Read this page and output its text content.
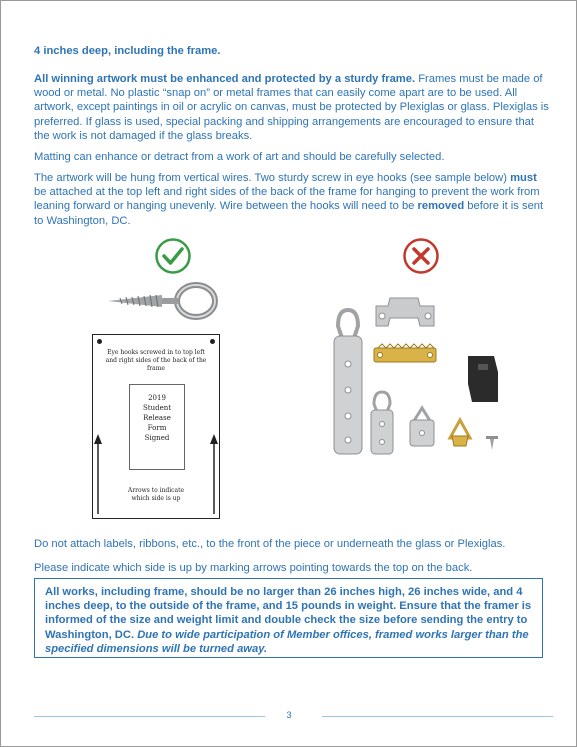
4 inches deep, including the frame.

All winning artwork must be enhanced and protected by a sturdy frame. Frames must be made of wood or metal. No plastic “snap on” or metal frames that can easily come apart are to be used. All artwork, except paintings in oil or acrylic on canvas, must be protected by Plexiglas or glass. Plexiglas is preferred. If glass is used, special packing and shipping arrangements are encouraged to ensure that the work is not damaged if the glass breaks.

Matting can enhance or detract from a work of art and should be carefully selected.

The artwork will be hung from vertical wires. Two sturdy screw in eye hooks (see sample below) must be attached at the top left and right sides of the back of the frame for hanging to prevent the work from leaning forward or hanging unevenly. Wire between the hooks will need to be removed before it is sent to Washington, DC.

Eye hooks screwed in to top left and right sides of the back of the frame
2019
Student
Release
Form
Signed
Arrows to indicate which side is up

Do not attach labels, ribbons, etc., to the front of the piece or underneath the glass or Plexiglas.

Please indicate which side is up by marking arrows pointing towards the top on the back.

All works, including frame, should be no larger than 26 inches high, 26 inches wide, and 4 inches deep, to the outside of the frame, and 15 pounds in weight. Ensure that the framer is informed of the size and weight limit and double check the size before sending the entry to Washington, DC. Due to wide participation of Member offices, framed works larger than the specified dimensions will be turned away.
3
